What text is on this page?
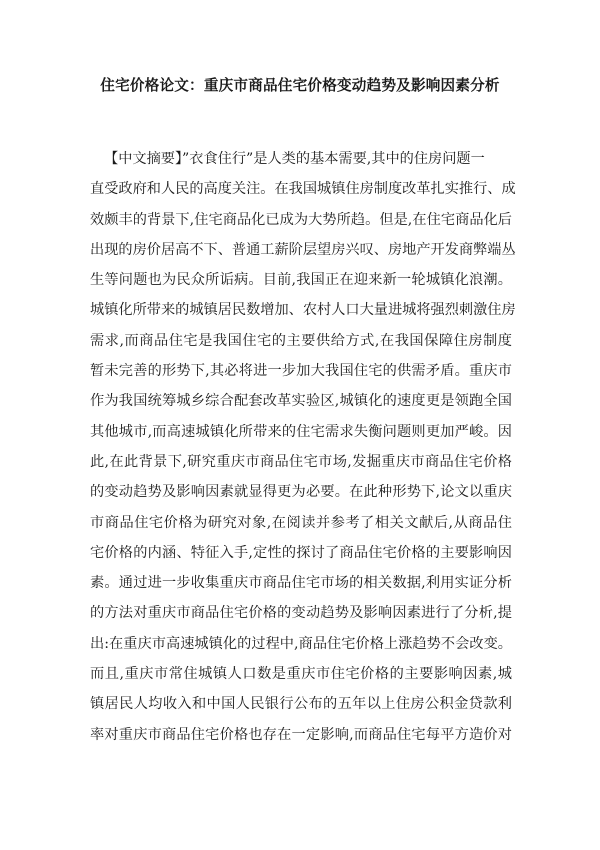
住宅价格论文：重庆市商品住宅价格变动趋势及影响因素分析
【中文摘要】”衣食住行”是人类的基本需要,其中的住房问题一
直受政府和人民的高度关注。在我国城镇住房制度改革扎实推行、成
效颇丰的背景下,住宅商品化已成为大势所趋。但是,在住宅商品化后
出现的房价居高不下、普通工薪阶层望房兴叹、房地产开发商弊端丛
生等问题也为民众所诟病。目前,我国正在迎来新一轮城镇化浪潮。
城镇化所带来的城镇居民数增加、农村人口大量进城将强烈刺激住房
需求,而商品住宅是我国住宅的主要供给方式,在我国保障住房制度
暂未完善的形势下,其必将进一步加大我国住宅的供需矛盾。重庆市
作为我国统筹城乡综合配套改革实验区,城镇化的速度更是领跑全国
其他城市,而高速城镇化所带来的住宅需求失衡问题则更加严峻。因
此,在此背景下,研究重庆市商品住宅市场,发掘重庆市商品住宅价格
的变动趋势及影响因素就显得更为必要。在此种形势下,论文以重庆
市商品住宅价格为研究对象,在阅读并参考了相关文献后,从商品住
宅价格的内涵、特征入手,定性的探讨了商品住宅价格的主要影响因
素。通过进一步收集重庆市商品住宅市场的相关数据,利用实证分析
的方法对重庆市商品住宅价格的变动趋势及影响因素进行了分析,提
出:在重庆市高速城镇化的过程中,商品住宅价格上涨趋势不会改变。
而且,重庆市常住城镇人口数是重庆市住宅价格的主要影响因素,城
镇居民人均收入和中国人民银行公布的五年以上住房公积金贷款利
率对重庆市商品住宅价格也存在一定影响,而商品住宅每平方造价对
